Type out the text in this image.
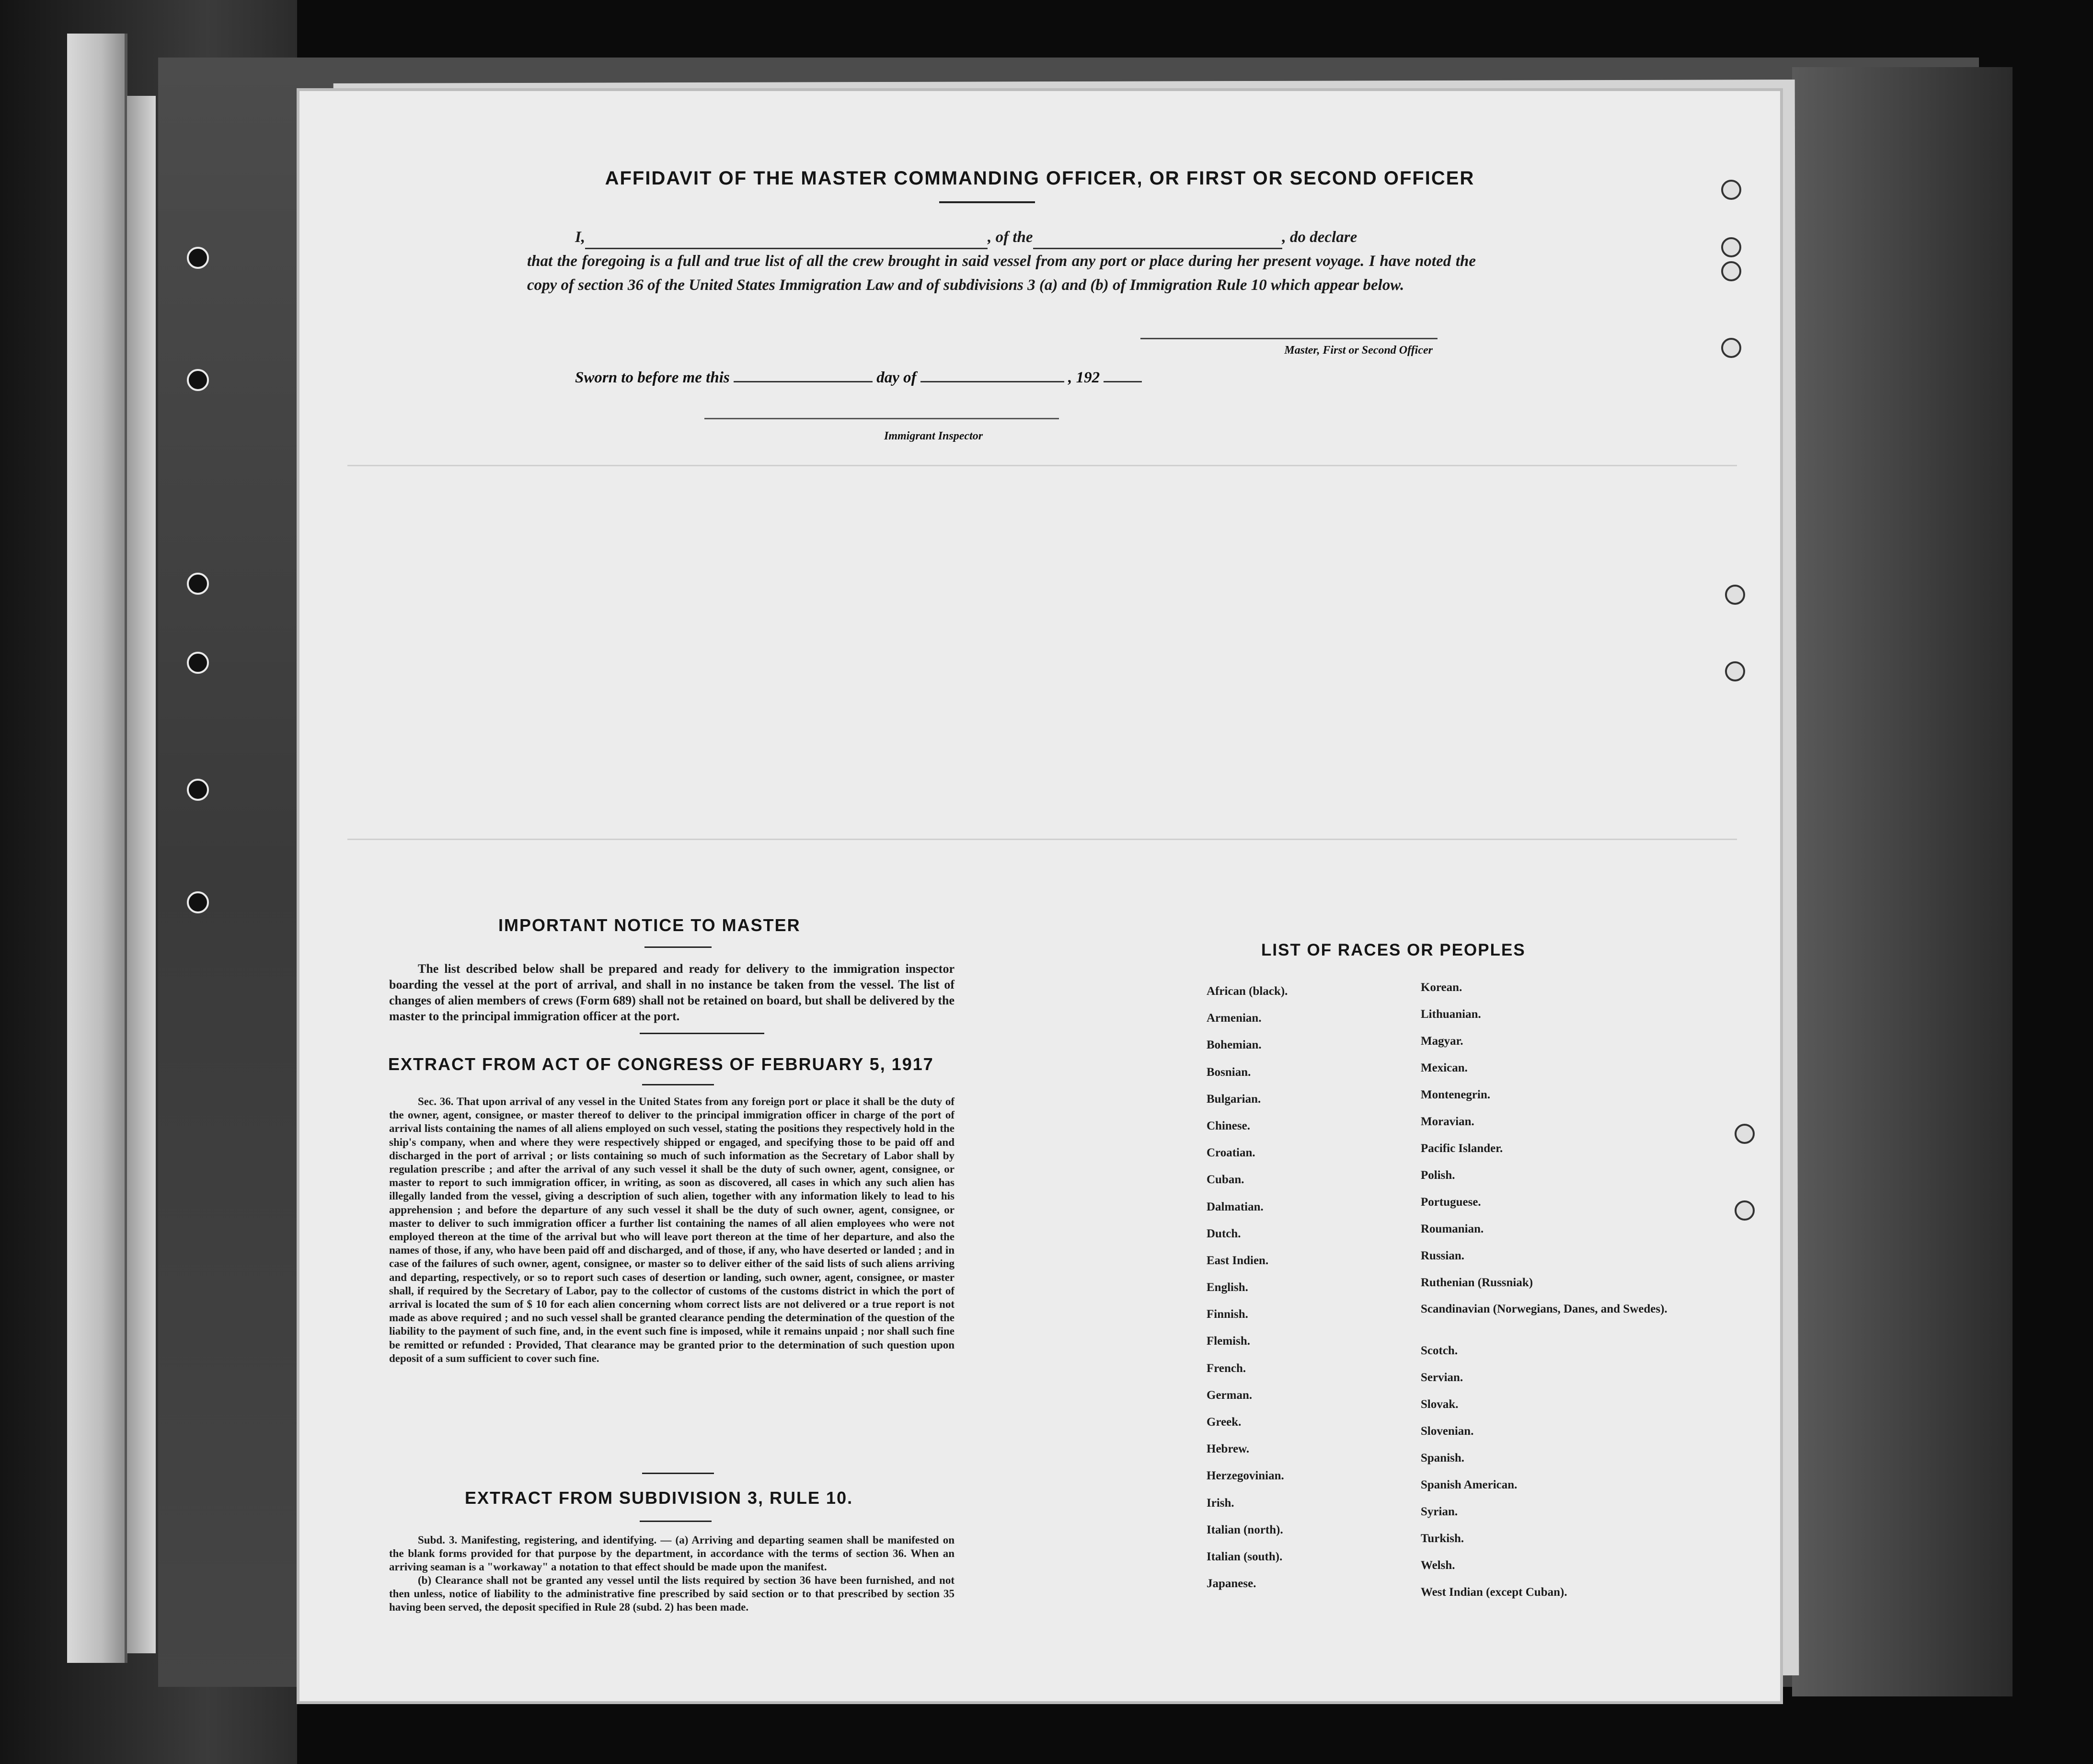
AFFIDAVIT OF THE MASTER COMMANDING OFFICER, OR FIRST OR SECOND OFFICER
I,	, of the	, do declare
that the foregoing is a full and true list of all the crew brought in said vessel from any port or place during her present voyage. I have noted the copy of section 36 of the United States Immigration Law and of subdivisions 3 (a) and (b) of Immigration Rule 10 which appear below.
Master, First or Second Officer
Sworn to before me this	day of	, 192
Immigrant Inspector
IMPORTANT NOTICE TO MASTER
The list described below shall be prepared and ready for delivery to the immigration inspector boarding the vessel at the port of arrival, and shall in no instance be taken from the vessel. The list of changes of alien members of crews (Form 689) shall not be retained on board, but shall be delivered by the master to the principal immigration officer at the port.
EXTRACT FROM ACT OF CONGRESS OF FEBRUARY 5, 1917
Sec. 36. That upon arrival of any vessel in the United States from any foreign port or place it shall be the duty of the owner, agent, consignee, or master thereof to deliver to the principal immigration officer in charge of the port of arrival lists containing the names of all aliens employed on such vessel, stating the positions they respectively hold in the ship's company, when and where they were respectively shipped or engaged, and specifying those to be paid off and discharged in the port of arrival ; or lists containing so much of such information as the Secretary of Labor shall by regulation prescribe ; and after the arrival of any such vessel it shall be the duty of such owner, agent, consignee, or master to report to such immigration officer, in writing, as soon as discovered, all cases in which any such alien has illegally landed from the vessel, giving a description of such alien, together with any information likely to lead to his apprehension ; and before the departure of any such vessel it shall be the duty of such owner, agent, consignee, or master to deliver to such immigration officer a further list containing the names of all alien employees who were not employed thereon at the time of the arrival but who will leave port thereon at the time of her departure, and also the names of those, if any, who have been paid off and discharged, and of those, if any, who have deserted or landed ; and in case of the failures of such owner, agent, consignee, or master so to deliver either of the said lists of such aliens arriving and departing, respectively, or so to report such cases of desertion or landing, such owner, agent, consignee, or master shall, if required by the Secretary of Labor, pay to the collector of customs of the customs district in which the port of arrival is located the sum of $ 10 for each alien concerning whom correct lists are not delivered or a true report is not made as above required ; and no such vessel shall be granted clearance pending the determination of the question of the liability to the payment of such fine, and, in the event such fine is imposed, while it remains unpaid ; nor shall such fine be remitted or refunded : Provided, That clearance may be granted prior to the determination of such question upon deposit of a sum sufficient to cover such fine.
EXTRACT FROM SUBDIVISION 3, RULE 10.

Subd. 3. Manifesting, registering, and identifying. — (a) Arriving and departing seamen shall be manifested on the blank forms provided for that purpose by the department, in accordance with the terms of section 36. When an arriving seaman is a "workaway" a notation to that effect should be made upon the manifest.

(b) Clearance shall not be granted any vessel until the lists required by section 36 have been furnished, and not then unless, notice of liability to the administrative fine prescribed by said section or to that prescribed by section 35 having been served, the deposit specified in Rule 28 (subd. 2) has been made.

LIST OF RACES OR PEOPLES
African (black).
Armenian.
Bohemian.
Bosnian.
Bulgarian.
Chinese.
Croatian.
Cuban.
Dalmatian.
Dutch.
East Indien.
English.
Finnish.
Flemish.
French.
German.
Greek.
Hebrew.
Herzegovinian.
Irish.
Italian (north).
Italian (south).
Japanese.
Korean.
Lithuanian.
Magyar.
Mexican.
Montenegrin.
Moravian.
Pacific Islander.
Polish.
Portuguese.
Roumanian.
Russian.
Ruthenian (Russniak)
Scandinavian (Norwegians, Danes, and Swedes).
Scotch.
Servian.
Slovak.
Slovenian.
Spanish.
Spanish American.
Syrian.
Turkish.
Welsh.
West Indian (except Cuban).
